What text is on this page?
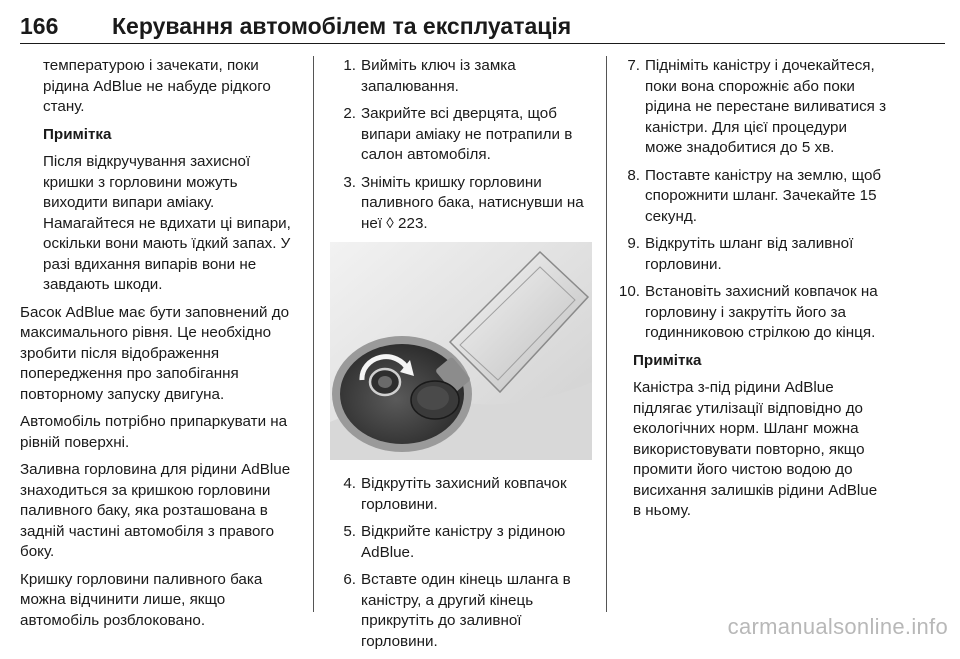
166	Керування автомобілем та експлуатація

температурою і зачекати, поки рідина AdBlue не набуде рідкого стану.

Примітка

Після відкручування захисної кришки з горловини можуть виходити випари аміаку. Намагайтеся не вдихати ці випари, оскільки вони мають їдкий запах. У разі вдихання випарів вони не завдають шкоди.

Басок AdBlue має бути заповнений до максимального рівня. Це необхідно зробити після відображення попередження про запобігання повторному запуску двигуна.

Автомобіль потрібно припаркувати на рівній поверхні.

Заливна горловина для рідини AdBlue знаходиться за кришкою горловини паливного баку, яка розташована в задній частині автомобіля з правого боку.

Кришку горловини паливного бака можна відчинити лише, якщо автомобіль розблоковано.

1. Вийміть ключ із замка запалювання.
2. Закрийте всі дверцята, щоб випари аміаку не потрапили в салон автомобіля.
3. Зніміть кришку горловини паливного бака, натиснувши на неї ◊ 223.
4. Відкрутіть захисний ковпачок горловини.
5. Відкрийте каністру з рідиною AdBlue.
6. Вставте один кінець шланга в каністру, а другий кінець прикрутіть до заливної горловини.
7. Підніміть каністру і дочекайтеся, поки вона спорожніє або поки рідина не перестане виливатися з каністри. Для цієї процедури може знадобитися до 5 хв.
8. Поставте каністру на землю, щоб спорожнити шланг. Зачекайте 15 секунд.
9. Відкрутіть шланг від заливної горловини.
10. Встановіть захисний ковпачок на горловину і закрутіть його за годинниковою стрілкою до кінця.

Примітка

Каністра з-під рідини AdBlue підлягає утилізації відповідно до екологічних норм. Шланг можна використовувати повторно, якщо промити його чистою водою до висихання залишків рідини AdBlue в ньому.

carmanualsonline.info
